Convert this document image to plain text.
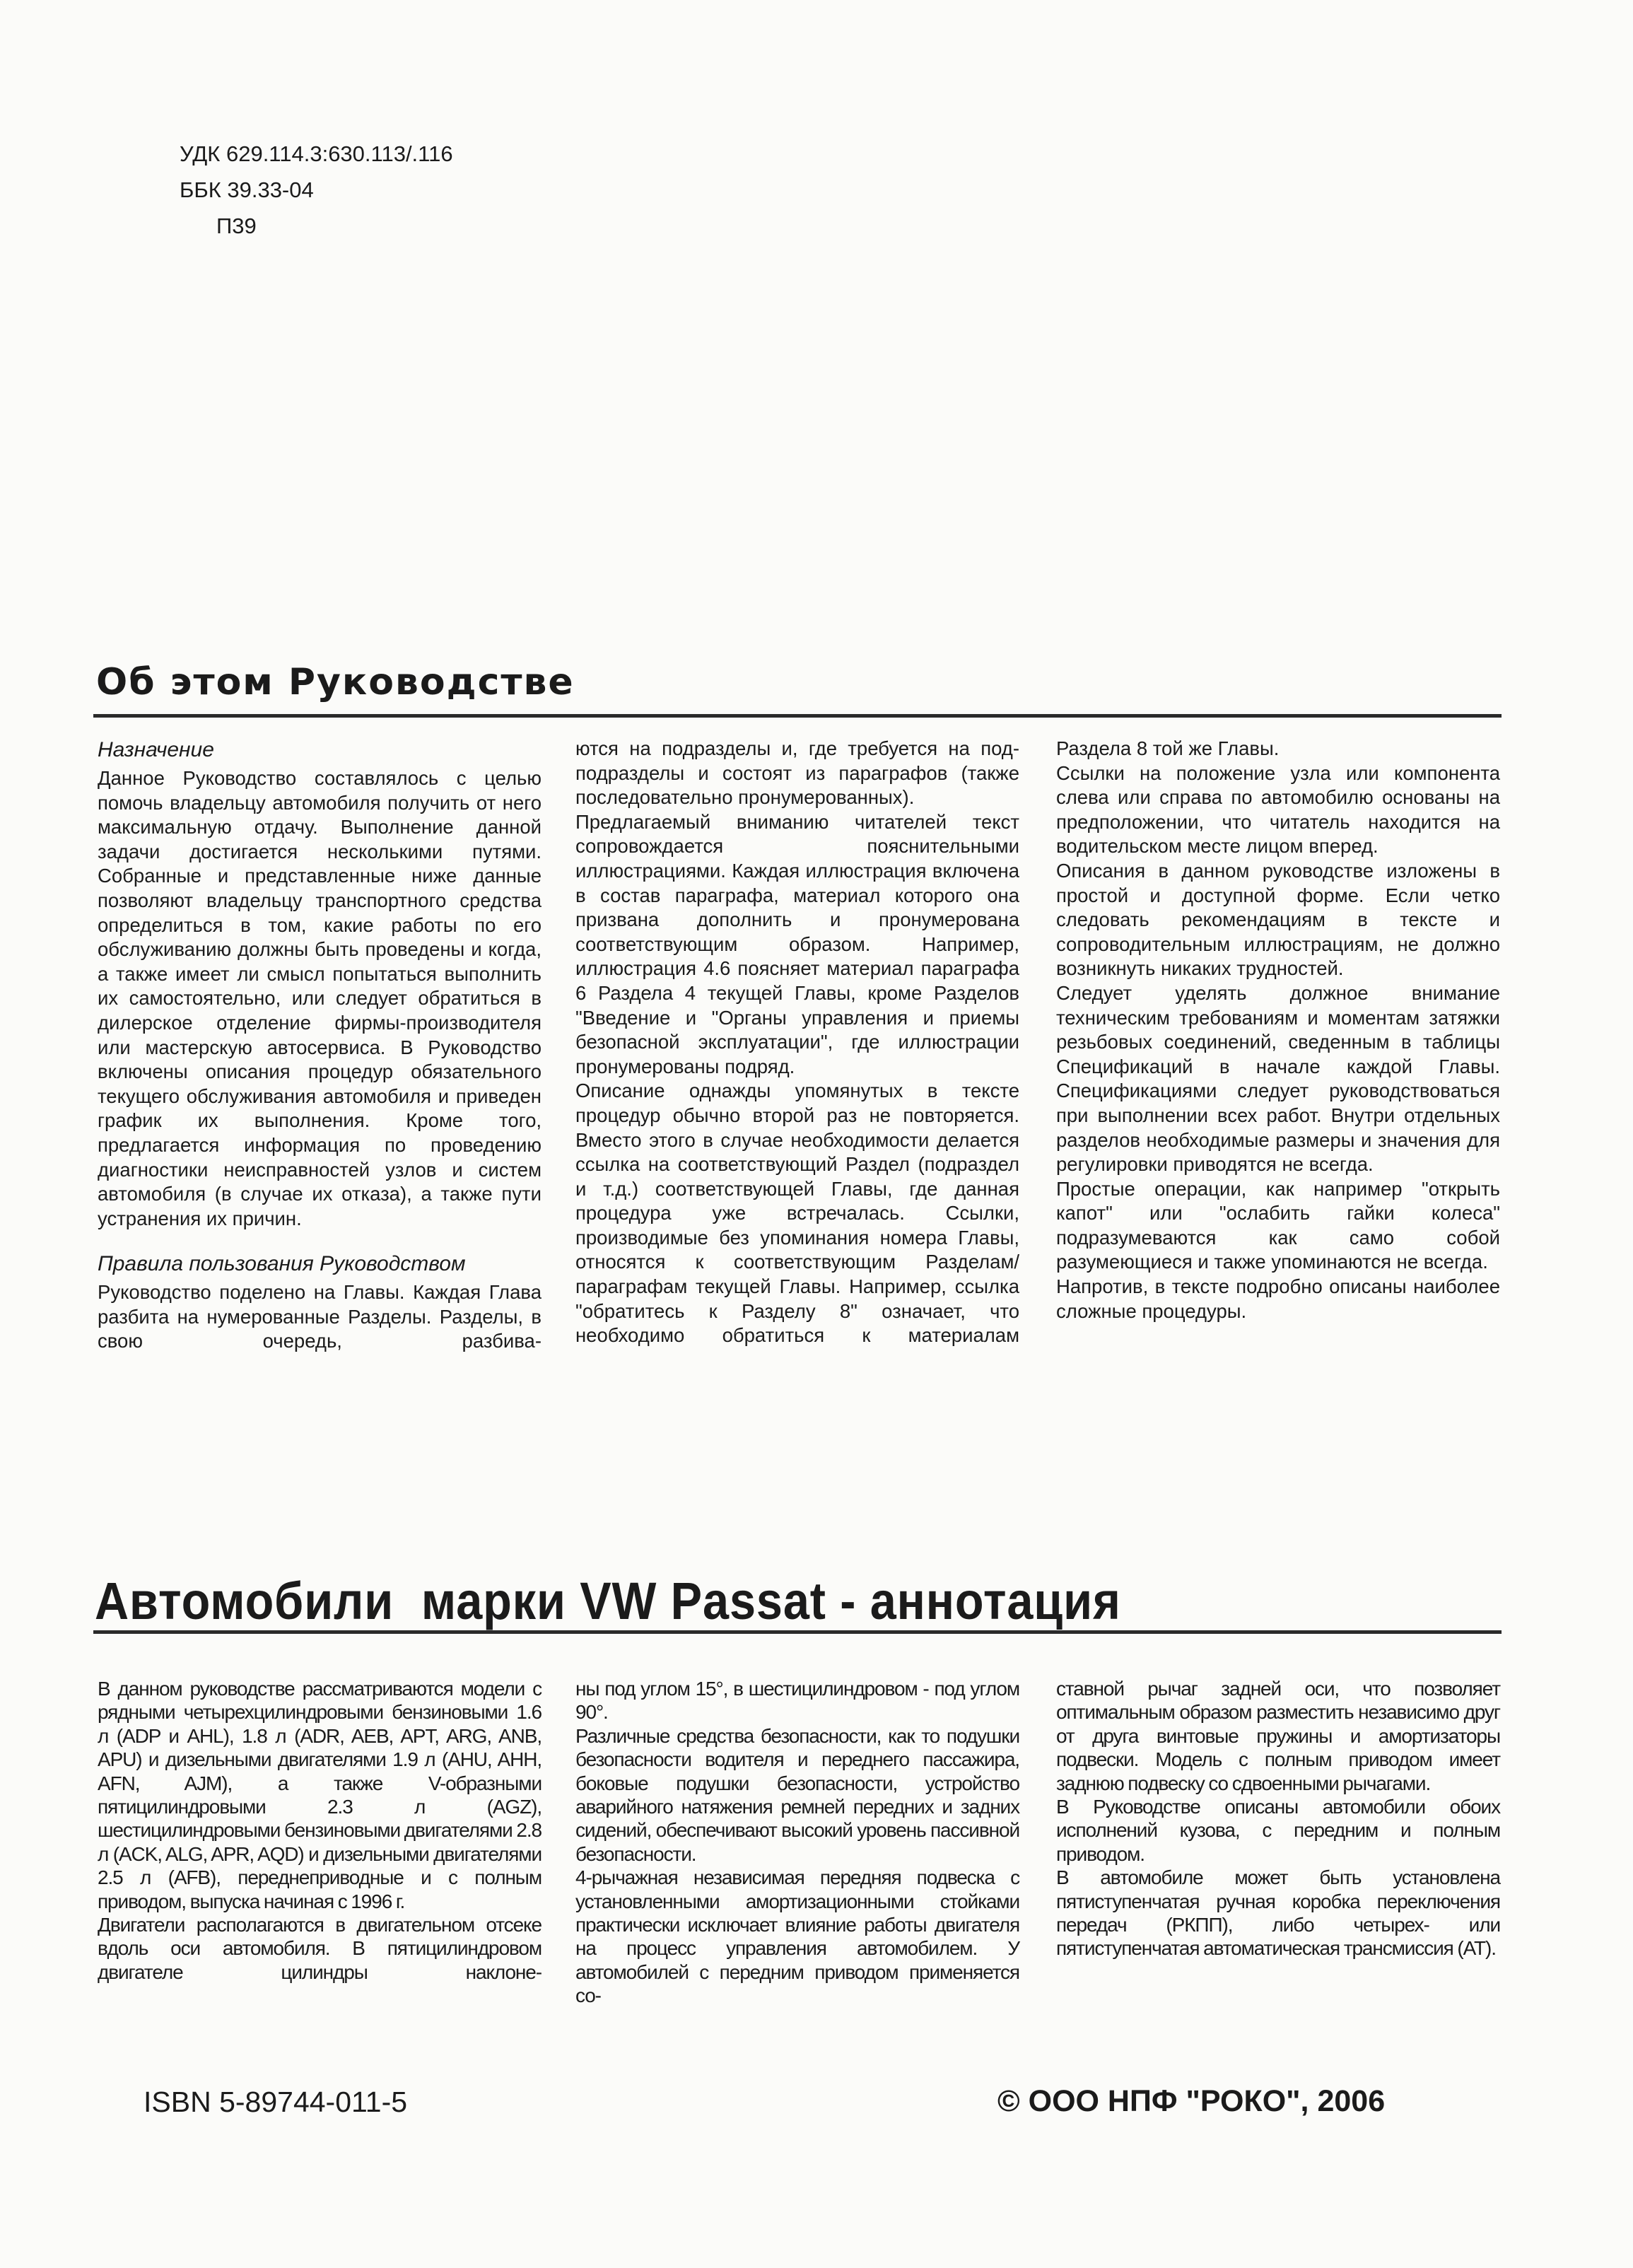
УДК 629.114.3:630.113/.116
ББК 39.33-04
П39
Об этом Руководстве
Назначение

Данное Руководство составлялось с целью помочь владельцу автомобиля получить от него максимальную отдачу. Выполнение данной задачи достигается несколькими путями. Собранные и представленные ниже данные позволяют владельцу транспортного средства определиться в том, какие работы по его обслуживанию должны быть проведены и когда, а также имеет ли смысл попытаться выполнить их самостоятельно, или следует обратиться в дилерское отделение фирмы-производителя или мастерскую автосервиса. В Руководство включены описания процедур обязательного текущего обслуживания автомобиля и приведен график их выполнения. Кроме того, предлагается информация по проведению диагностики неисправностей узлов и систем автомобиля (в случае их отказа), а также пути устранения их причин.

Правила пользования Руководством

Руководство поделено на Главы. Каждая Глава разбита на нумерованные Разделы. Разделы, в свою очередь, разбива-

ются на подразделы и, где требуется на под-подразделы и состоят из параграфов (также последовательно пронумерованных).

Предлагаемый вниманию читателей текст сопровождается пояснительными иллюстрациями. Каждая иллюстрация включена в состав параграфа, материал которого она призвана дополнить и пронумерована соответствующим образом. Например, иллюстрация 4.6 поясняет материал параграфа 6 Раздела 4 текущей Главы, кроме Разделов "Введение и "Органы управления и приемы безопасной эксплуатации", где иллюстрации пронумерованы подряд.

Описание однажды упомянутых в тексте процедур обычно второй раз не повторяется. Вместо этого в случае необходимости делается ссылка на соответствующий Раздел (подраздел и т.д.) соответствующей Главы, где данная процедура уже встречалась. Ссылки, производимые без упоминания номера Главы, относятся к соответствующим Разделам/параграфам текущей Главы. Например, ссылка "обратитесь к Разделу 8" означает, что необходимо обратиться к материалам

Раздела 8 той же Главы.

Ссылки на положение узла или компонента слева или справа по автомобилю основаны на предположении, что читатель находится на водительском месте лицом вперед.

Описания в данном руководстве изложены в простой и доступной форме. Если четко следовать рекомендациям в тексте и сопроводительным иллюстрациям, не должно возникнуть никаких трудностей.

Следует уделять должное внимание техническим требованиям и моментам затяжки резьбовых соединений, сведенным в таблицы Спецификаций в начале каждой Главы. Спецификациями следует руководствоваться при выполнении всех работ. Внутри отдельных разделов необходимые размеры и значения для регулировки приводятся не всегда.

Простые операции, как например "открыть капот" или "ослабить гайки колеса" подразумеваются как само собой разумеющиеся и также упоминаются не всегда.

Напротив, в тексте подробно описаны наиболее сложные процедуры.

Автомобили  марки VW Passat - аннотация

В данном руководстве рассматриваются модели с рядными четырехцилиндровыми бензиновыми 1.6 л (ADP и AHL), 1.8 л (ADR, AEB, APT, ARG, ANB, APU) и дизельными двигателями 1.9 л (AHU, AHH, AFN, AJM), а также V-образными пятицилиндровыми 2.3 л (AGZ), шестицилиндровыми бензиновыми двигателями 2.8 л (ACK, ALG, APR, AQD) и дизельными двигателями 2.5 л (AFB), переднеприводные и с полным приводом, выпуска начиная с 1996 г.

Двигатели располагаются в двигательном отсеке вдоль оси автомобиля. В пятицилиндровом двигателе цилиндры наклоне-

ны под углом 15°, в шестицилиндровом - под углом 90°.

Различные средства безопасности, как то подушки безопасности водителя и переднего пассажира, боковые подушки безопасности, устройство аварийного натяжения ремней передних и задних сидений, обеспечивают высокий уровень пассивной безопасности.

4-рычажная независимая передняя подвеска с установленными амортизационными стойками практически исключает влияние работы двигателя на процесс управления автомобилем. У автомобилей с передним приводом применяется со-

ставной рычаг задней оси, что позволяет оптимальным образом разместить независимо друг от друга винтовые пружины и амортизаторы подвески. Модель с полным приводом имеет заднюю подвеску со сдвоенными рычагами.

В Руководстве описаны автомобили обоих исполнений кузова, с передним и полным приводом.

В автомобиле может быть установлена пятиступенчатая ручная коробка переключения передач (РКПП), либо четырех- или пятиступенчатая автоматическая трансмиссия (АТ).

ISBN 5-89744-011-5	© ООО НПФ "РОКО", 2006
